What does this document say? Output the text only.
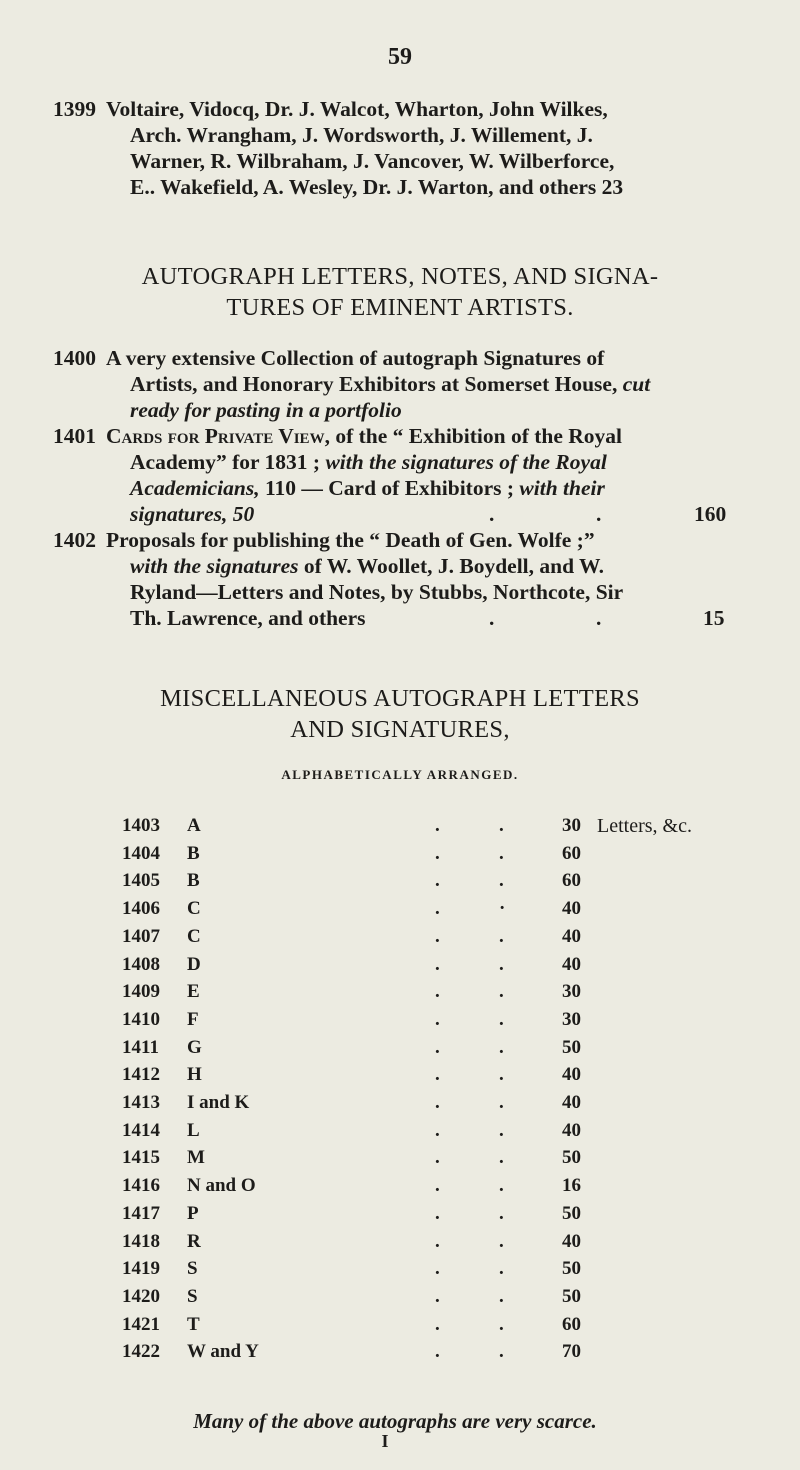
59
1399 Voltaire, Vidocq, Dr. J. Walcot, Wharton, John Wilkes,
Arch. Wrangham, J. Wordsworth, J. Willement, J.
Warner, R. Wilbraham, J. Vancover, W. Wilberforce,
E.. Wakefield, A. Wesley, Dr. J. Warton, and others 23
AUTOGRAPH LETTERS, NOTES, AND SIGNA-
TURES OF EMINENT ARTISTS.
1400 A very extensive Collection of autograph Signatures of
Artists, and Honorary Exhibitors at Somerset House, cut
ready for pasting in a portfolio
1401 Cards for Private View, of the “ Exhibition of the Royal
Academy” for 1831 ; with the signatures of the Royal
Academicians, 110 — Card of Exhibitors ; with their
signatures, 50	.	.	160
1402 Proposals for publishing the “ Death of Gen. Wolfe ;”
with the signatures of W. Woollet, J. Boydell, and W.
Ryland—Letters and Notes, by Stubbs, Northcote, Sir
Th. Lawrence, and others	.	.	15
MISCELLANEOUS AUTOGRAPH LETTERS
AND SIGNATURES,
ALPHABETICALLY ARRANGED.
1403 A	.	.	30 Letters, &c.
1404 B	.	.	60
1405 B	.	.	60
1406 C	.	·	40
1407 C	.	.	40
1408 D	.	.	40
1409 E	.	.	30
1410 F	.	.	30
1411 G	.	.	50
1412 H	.	.	40
1413 I and K	.	.	40
1414 L	.	.	40
1415 M	.	.	50
1416 N and O	.	.	16
1417 P	.	.	50
1418 R	.	.	40
1419 S	.	.	50
1420 S	.	.	50
1421 T	.	.	60
1422 W and Y	.	.	70
Many of the above autographs are very scarce.
I
